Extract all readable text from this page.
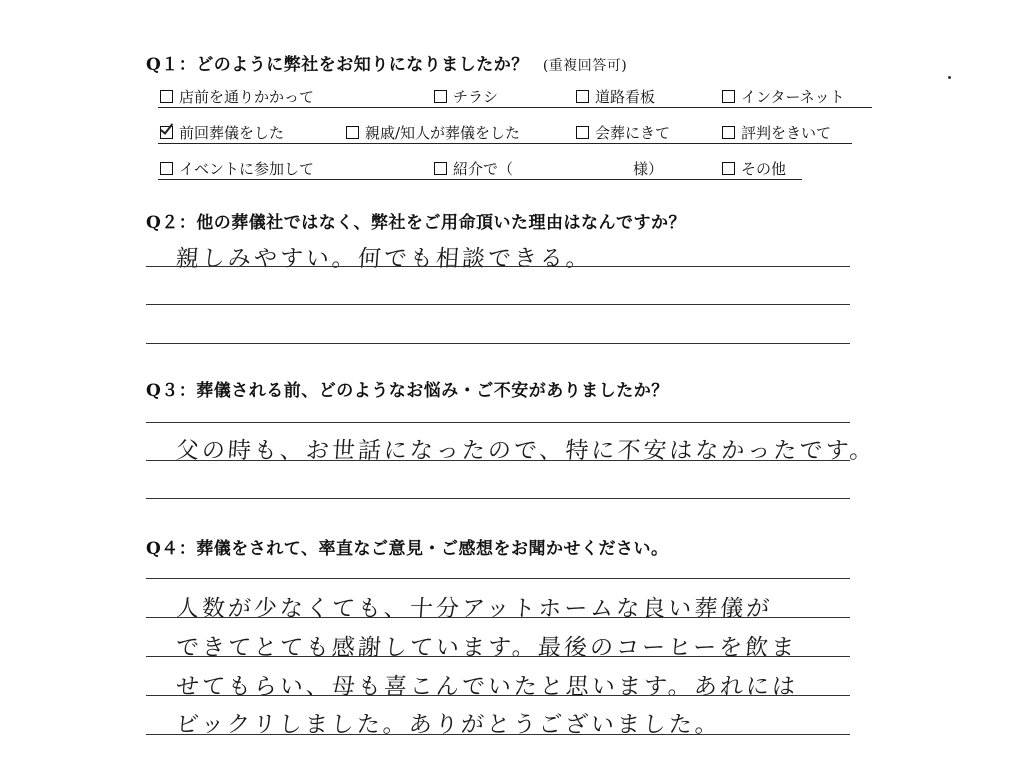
Q１：どのように弊社をお知りになりましたか？ (重複回答可)
店前を通りかかって	チラシ	道路看板	インターネット
前回葬儀をした	親戚/知人が葬儀をした	会葬にきて	評判をきいて
イベントに参加して	紹介で（	様）	その他
Q２：他の葬儀社ではなく、弊社をご用命頂いた理由はなんですか？
親しみやすい。何でも相談できる。
Q３：葬儀される前、どのようなお悩み・ご不安がありましたか？
父の時も、お世話になったので、特に不安はなかったです。
Q４：葬儀をされて、率直なご意見・ご感想をお聞かせください。
人数が少なくても、十分アットホームな良い葬儀が
できてとても感謝しています。最後のコーヒーを飲ま
せてもらい、母も喜こんでいたと思います。あれには
ビックリしました。ありがとうございました。
